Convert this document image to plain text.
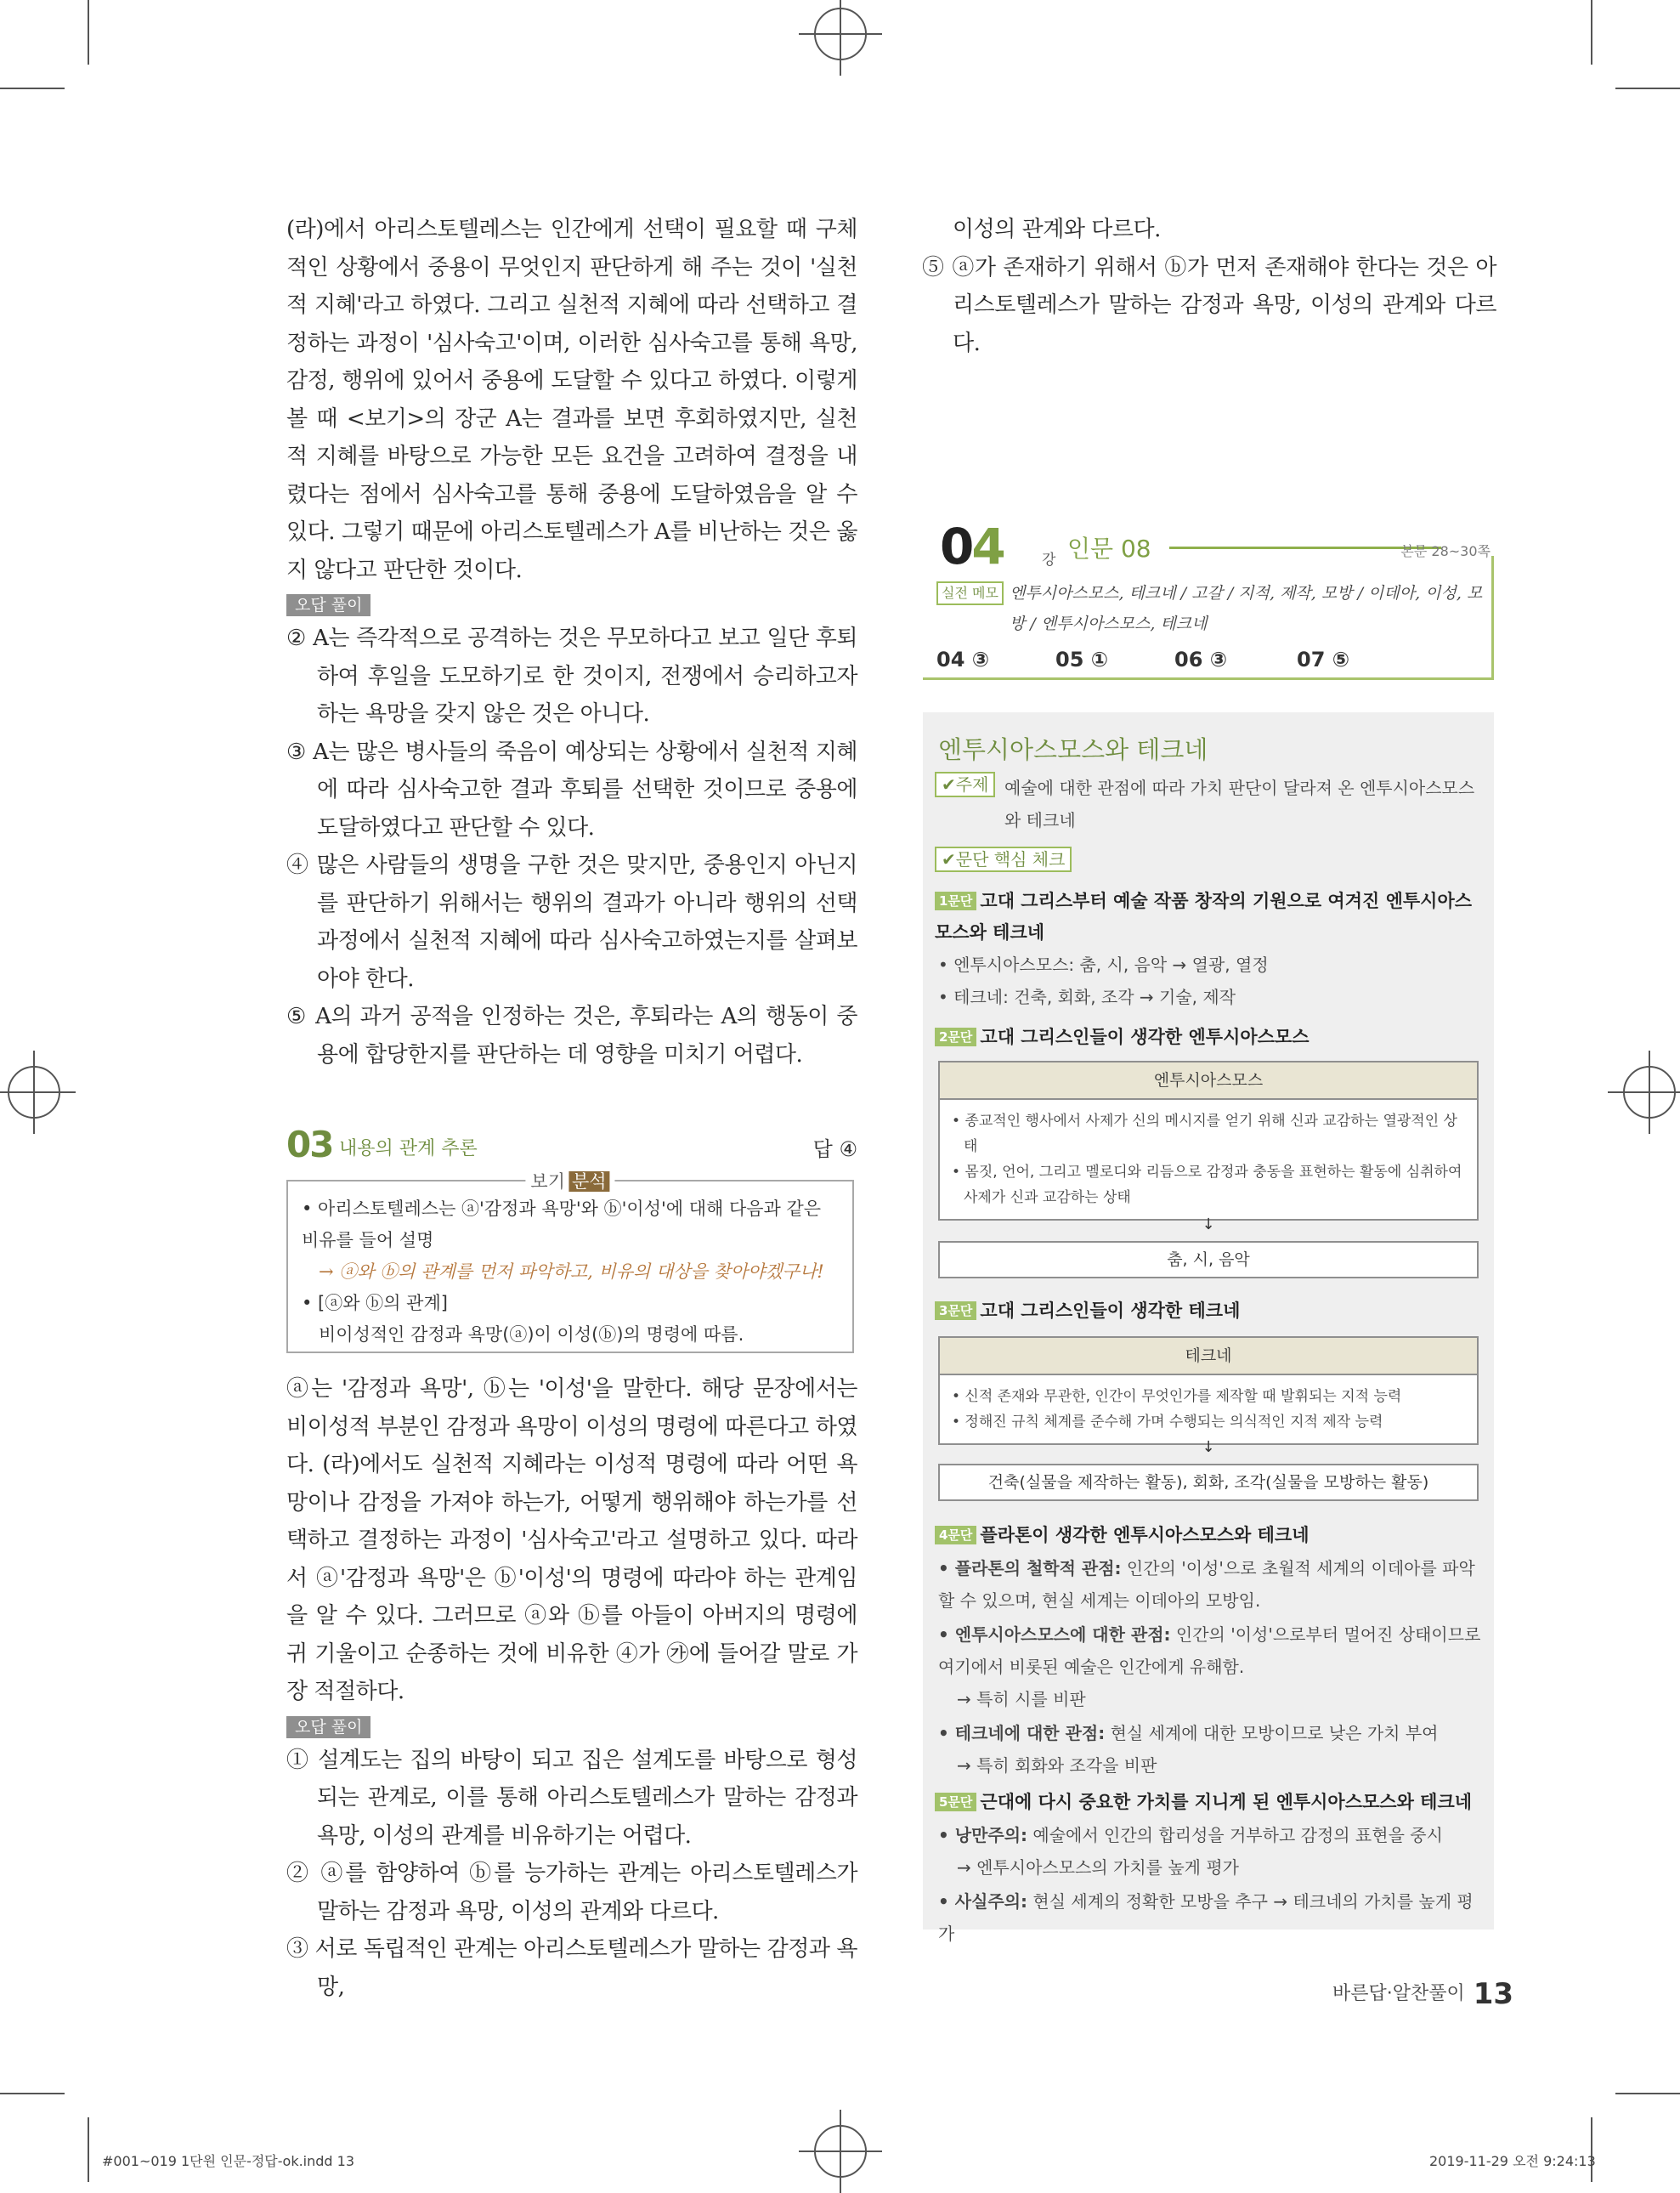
(라)에서 아리스토텔레스는 인간에게 선택이 필요할 때 구체적인 상황에서 중용이 무엇인지 판단하게 해 주는 것이 '실천적 지혜'라고 하였다. 그리고 실천적 지혜에 따라 선택하고 결정하는 과정이 '심사숙고'이며, 이러한 심사숙고를 통해 욕망, 감정, 행위에 있어서 중용에 도달할 수 있다고 하였다. 이렇게 볼 때 <보기>의 장군 A는 결과를 보면 후회하였지만, 실천적 지혜를 바탕으로 가능한 모든 요건을 고려하여 결정을 내렸다는 점에서 심사숙고를 통해 중용에 도달하였음을 알 수 있다. 그렇기 때문에 아리스토텔레스가 A를 비난하는 것은 옳지 않다고 판단한 것이다.

오답 풀이

② A는 즉각적으로 공격하는 것은 무모하다고 보고 일단 후퇴하여 후일을 도모하기로 한 것이지, 전쟁에서 승리하고자 하는 욕망을 갖지 않은 것은 아니다.

③ A는 많은 병사들의 죽음이 예상되는 상황에서 실천적 지혜에 따라 심사숙고한 결과 후퇴를 선택한 것이므로 중용에 도달하였다고 판단할 수 있다.

④ 많은 사람들의 생명을 구한 것은 맞지만, 중용인지 아닌지를 판단하기 위해서는 행위의 결과가 아니라 행위의 선택 과정에서 실천적 지혜에 따라 심사숙고하였는지를 살펴보아야 한다.

⑤ A의 과거 공적을 인정하는 것은, 후퇴라는 A의 행동이 중용에 합당한지를 판단하는 데 영향을 미치기 어렵다.

03 내용의 관계 추론	답 ④
보기 분석
• 아리스토텔레스는 ⓐ'감정과 욕망'와 ⓑ'이성'에 대해 다음과 같은 비유를 들어 설명
→ ⓐ와 ⓑ의 관계를 먼저 파악하고, 비유의 대상을 찾아야겠구나!
• [ⓐ와 ⓑ의 관계]
비이성적인 감정과 욕망(ⓐ)이 이성(ⓑ)의 명령에 따름.

ⓐ는 '감정과 욕망', ⓑ는 '이성'을 말한다. 해당 문장에서는 비이성적 부분인 감정과 욕망이 이성의 명령에 따른다고 하였다. (라)에서도 실천적 지혜라는 이성적 명령에 따라 어떤 욕망이나 감정을 가져야 하는가, 어떻게 행위해야 하는가를 선택하고 결정하는 과정이 '심사숙고'라고 설명하고 있다. 따라서 ⓐ'감정과 욕망'은 ⓑ'이성'의 명령에 따라야 하는 관계임을 알 수 있다. 그러므로 ⓐ와 ⓑ를 아들이 아버지의 명령에 귀 기울이고 순종하는 것에 비유한 ④가 ㉮에 들어갈 말로 가장 적절하다.

오답 풀이

① 설계도는 집의 바탕이 되고 집은 설계도를 바탕으로 형성되는 관계로, 이를 통해 아리스토텔레스가 말하는 감정과 욕망, 이성의 관계를 비유하기는 어렵다.

② ⓐ를 함양하여 ⓑ를 능가하는 관계는 아리스토텔레스가 말하는 감정과 욕망, 이성의 관계와 다르다.

③ 서로 독립적인 관계는 아리스토텔레스가 말하는 감정과 욕망,

이성의 관계와 다르다.

⑤ ⓐ가 존재하기 위해서 ⓑ가 먼저 존재해야 한다는 것은 아리스토텔레스가 말하는 감정과 욕망, 이성의 관계와 다르다.

04	강 인문 08	본문 28~30쪽
실전 메모 엔투시아스모스, 테크네 / 고갈 / 지적, 제작, 모방 / 이데아, 이성, 모방 / 엔투시아스모스, 테크네
04 ③	05 ①	06 ③	07 ⑤
엔투시아스모스와 테크네
✔주제 예술에 대한 관점에 따라 가치 판단이 달라져 온 엔투시아스모스와 테크네
✔문단 핵심 체크
1문단 고대 그리스부터 예술 작품 창작의 기원으로 여겨진 엔투시아스모스와 테크네
• 엔투시아스모스: 춤, 시, 음악 → 열광, 열정
• 테크네: 건축, 회화, 조각 → 기술, 제작
2문단 고대 그리스인들이 생각한 엔투시아스모스
엔투시아스모스
• 종교적인 행사에서 사제가 신의 메시지를 얻기 위해 신과 교감하는 열광적인 상태
• 몸짓, 언어, 그리고 멜로디와 리듬으로 감정과 충동을 표현하는 활동에 심취하여 사제가 신과 교감하는 상태
↓
춤, 시, 음악
3문단 고대 그리스인들이 생각한 테크네
테크네
• 신적 존재와 무관한, 인간이 무엇인가를 제작할 때 발휘되는 지적 능력
• 정해진 규칙 체계를 준수해 가며 수행되는 의식적인 지적 제작 능력
↓
건축(실물을 제작하는 활동), 회화, 조각(실물을 모방하는 활동)
4문단 플라톤이 생각한 엔투시아스모스와 테크네
• 플라톤의 철학적 관점: 인간의 '이성'으로 초월적 세계의 이데아를 파악할 수 있으며, 현실 세계는 이데아의 모방임.
• 엔투시아스모스에 대한 관점: 인간의 '이성'으로부터 멀어진 상태이므로 여기에서 비롯된 예술은 인간에게 유해함.
→ 특히 시를 비판
• 테크네에 대한 관점: 현실 세계에 대한 모방이므로 낮은 가치 부여
→ 특히 회화와 조각을 비판
5문단 근대에 다시 중요한 가치를 지니게 된 엔투시아스모스와 테크네
• 낭만주의: 예술에서 인간의 합리성을 거부하고 감정의 표현을 중시
→ 엔투시아스모스의 가치를 높게 평가
• 사실주의: 현실 세계의 정확한 모방을 추구 → 테크네의 가치를 높게 평가
바른답·알찬풀이 13
#001~019 1단원 인문-정답-ok.indd 13	2019-11-29 오전 9:24:13
